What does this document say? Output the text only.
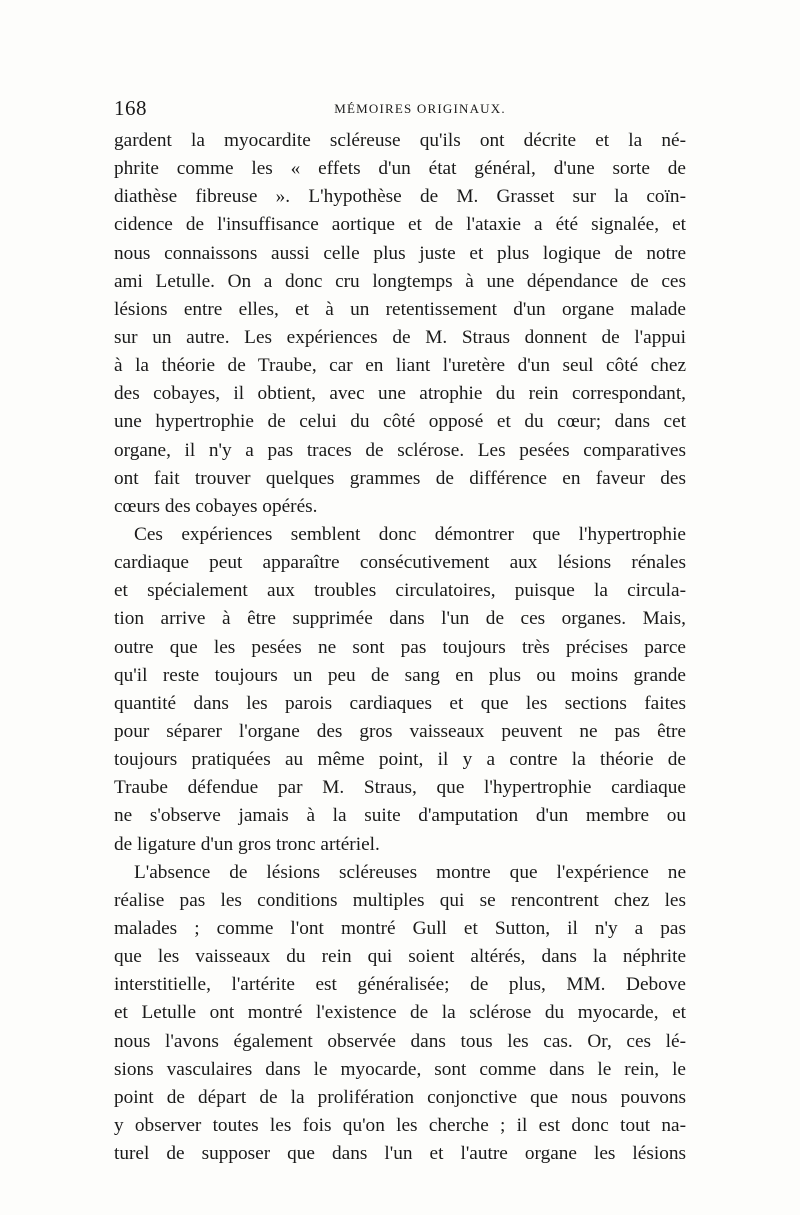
168	MÉMOIRES ORIGINAUX.
gardent la myocardite scléreuse qu'ils ont décrite et la né-
phrite comme les « effets d'un état général, d'une sorte de
diathèse fibreuse ». L'hypothèse de M. Grasset sur la coïn-
cidence de l'insuffisance aortique et de l'ataxie a été signalée, et
nous connaissons aussi celle plus juste et plus logique de notre
ami Letulle. On a donc cru longtemps à une dépendance de ces
lésions entre elles, et à un retentissement d'un organe malade
sur un autre. Les expériences de M. Straus donnent de l'appui
à la théorie de Traube, car en liant l'uretère d'un seul côté chez
des cobayes, il obtient, avec une atrophie du rein correspondant,
une hypertrophie de celui du côté opposé et du cœur; dans cet
organe, il n'y a pas traces de sclérose. Les pesées comparatives
ont fait trouver quelques grammes de différence en faveur des
cœurs des cobayes opérés.
Ces expériences semblent donc démontrer que l'hypertrophie
cardiaque peut apparaître consécutivement aux lésions rénales
et spécialement aux troubles circulatoires, puisque la circula-
tion arrive à être supprimée dans l'un de ces organes. Mais,
outre que les pesées ne sont pas toujours très précises parce
qu'il reste toujours un peu de sang en plus ou moins grande
quantité dans les parois cardiaques et que les sections faites
pour séparer l'organe des gros vaisseaux peuvent ne pas être
toujours pratiquées au même point, il y a contre la théorie de
Traube défendue par M. Straus, que l'hypertrophie cardiaque
ne s'observe jamais à la suite d'amputation d'un membre ou
de ligature d'un gros tronc artériel.
L'absence de lésions scléreuses montre que l'expérience ne
réalise pas les conditions multiples qui se rencontrent chez les
malades ; comme l'ont montré Gull et Sutton, il n'y a pas
que les vaisseaux du rein qui soient altérés, dans la néphrite
interstitielle, l'artérite est généralisée; de plus, MM. Debove
et Letulle ont montré l'existence de la sclérose du myocarde, et
nous l'avons également observée dans tous les cas. Or, ces lé-
sions vasculaires dans le myocarde, sont comme dans le rein, le
point de départ de la prolifération conjonctive que nous pouvons
y observer toutes les fois qu'on les cherche ; il est donc tout na-
turel de supposer que dans l'un et l'autre organe les lésions
